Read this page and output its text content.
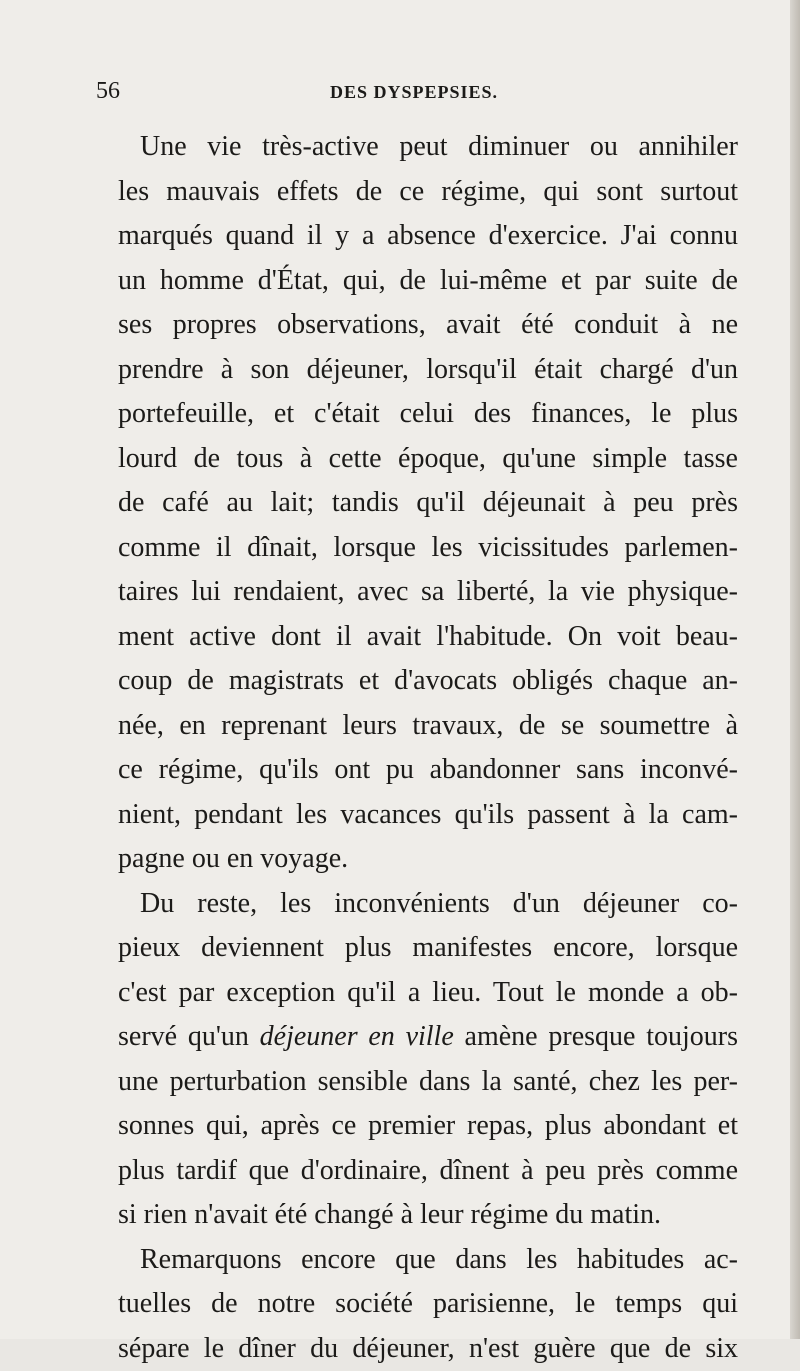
56	DES DYSPEPSIES.
Une vie très-active peut diminuer ou annihiler
les mauvais effets de ce régime, qui sont surtout
marqués quand il y a absence d'exercice. J'ai connu
un homme d'État, qui, de lui-même et par suite de
ses propres observations, avait été conduit à ne
prendre à son déjeuner, lorsqu'il était chargé d'un
portefeuille, et c'était celui des finances, le plus
lourd de tous à cette époque, qu'une simple tasse
de café au lait; tandis qu'il déjeunait à peu près
comme il dînait, lorsque les vicissitudes parlemen-
taires lui rendaient, avec sa liberté, la vie physique-
ment active dont il avait l'habitude. On voit beau-
coup de magistrats et d'avocats obligés chaque an-
née, en reprenant leurs travaux, de se soumettre à
ce régime, qu'ils ont pu abandonner sans inconvé-
nient, pendant les vacances qu'ils passent à la cam-
pagne ou en voyage.
Du reste, les inconvénients d'un déjeuner co-
pieux deviennent plus manifestes encore, lorsque
c'est par exception qu'il a lieu. Tout le monde a ob-
servé qu'un déjeuner en ville amène presque toujours
une perturbation sensible dans la santé, chez les per-
sonnes qui, après ce premier repas, plus abondant et
plus tardif que d'ordinaire, dînent à peu près comme
si rien n'avait été changé à leur régime du matin.
Remarquons encore que dans les habitudes ac-
tuelles de notre société parisienne, le temps qui
sépare le dîner du déjeuner, n'est guère que de six
